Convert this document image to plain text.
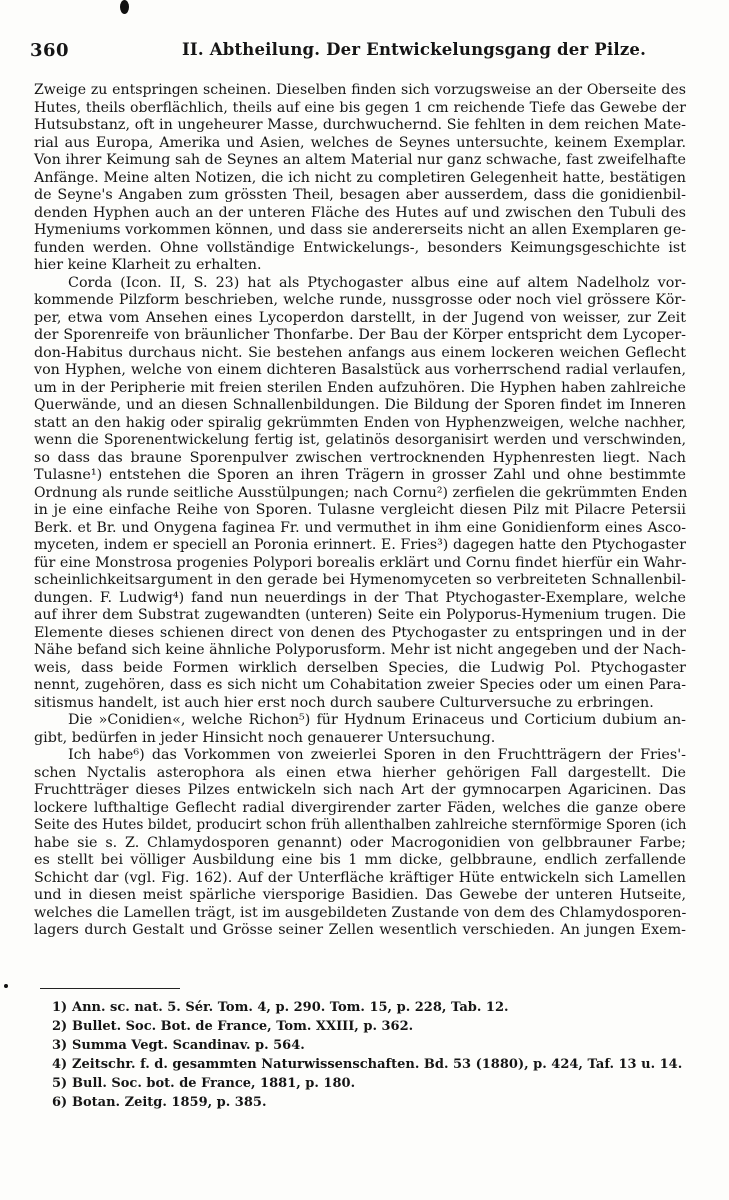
360	II. Abtheilung. Der Entwickelungsgang der Pilze.
Zweige zu entspringen scheinen. Dieselben finden sich vorzugsweise an der Oberseite des
Hutes, theils oberflächlich, theils auf eine bis gegen 1 cm reichende Tiefe das Gewebe der
Hutsubstanz, oft in ungeheurer Masse, durchwuchernd. Sie fehlten in dem reichen Mate-
rial aus Europa, Amerika und Asien, welches de Seynes untersuchte, keinem Exemplar.
Von ihrer Keimung sah de Seynes an altem Material nur ganz schwache, fast zweifelhafte
Anfänge. Meine alten Notizen, die ich nicht zu completiren Gelegenheit hatte, bestätigen
de Seyne's Angaben zum grössten Theil, besagen aber ausserdem, dass die gonidienbil-
denden Hyphen auch an der unteren Fläche des Hutes auf und zwischen den Tubuli des
Hymeniums vorkommen können, und dass sie andererseits nicht an allen Exemplaren ge-
funden werden. Ohne vollständige Entwickelungs-, besonders Keimungsgeschichte ist
hier keine Klarheit zu erhalten.
Corda (Icon. II, S. 23) hat als Ptychogaster albus eine auf altem Nadelholz vor-
kommende Pilzform beschrieben, welche runde, nussgrosse oder noch viel grössere Kör-
per, etwa vom Ansehen eines Lycoperdon darstellt, in der Jugend von weisser, zur Zeit
der Sporenreife von bräunlicher Thonfarbe. Der Bau der Körper entspricht dem Lycoper-
don-Habitus durchaus nicht. Sie bestehen anfangs aus einem lockeren weichen Geflecht
von Hyphen, welche von einem dichteren Basalstück aus vorherrschend radial verlaufen,
um in der Peripherie mit freien sterilen Enden aufzuhören. Die Hyphen haben zahlreiche
Querwände, und an diesen Schnallenbildungen. Die Bildung der Sporen findet im Inneren
statt an den hakig oder spiralig gekrümmten Enden von Hyphenzweigen, welche nachher,
wenn die Sporenentwickelung fertig ist, gelatinös desorganisirt werden und verschwinden,
so dass das braune Sporenpulver zwischen vertrocknenden Hyphenresten liegt. Nach
Tulasne¹) entstehen die Sporen an ihren Trägern in grosser Zahl und ohne bestimmte
Ordnung als runde seitliche Ausstülpungen; nach Cornu²) zerfielen die gekrümmten Enden
in je eine einfache Reihe von Sporen. Tulasne vergleicht diesen Pilz mit Pilacre Petersii
Berk. et Br. und Onygena faginea Fr. und vermuthet in ihm eine Gonidienform eines Asco-
myceten, indem er speciell an Poronia erinnert. E. Fries³) dagegen hatte den Ptychogaster
für eine Monstrosa progenies Polypori borealis erklärt und Cornu findet hierfür ein Wahr-
scheinlichkeitsargument in den gerade bei Hymenomyceten so verbreiteten Schnallenbil-
dungen. F. Ludwig⁴) fand nun neuerdings in der That Ptychogaster-Exemplare, welche
auf ihrer dem Substrat zugewandten (unteren) Seite ein Polyporus-Hymenium trugen. Die
Elemente dieses schienen direct von denen des Ptychogaster zu entspringen und in der
Nähe befand sich keine ähnliche Polyporusform. Mehr ist nicht angegeben und der Nach-
weis, dass beide Formen wirklich derselben Species, die Ludwig Pol. Ptychogaster
nennt, zugehören, dass es sich nicht um Cohabitation zweier Species oder um einen Para-
sitismus handelt, ist auch hier erst noch durch saubere Culturversuche zu erbringen.
Die »Conidien«, welche Richon⁵) für Hydnum Erinaceus und Corticium dubium an-
gibt, bedürfen in jeder Hinsicht noch genauerer Untersuchung.
Ich habe⁶) das Vorkommen von zweierlei Sporen in den Fruchtträgern der Fries'-
schen Nyctalis asterophora als einen etwa hierher gehörigen Fall dargestellt. Die
Fruchtträger dieses Pilzes entwickeln sich nach Art der gymnocarpen Agaricinen. Das
lockere lufthaltige Geflecht radial divergirender zarter Fäden, welches die ganze obere
Seite des Hutes bildet, producirt schon früh allenthalben zahlreiche sternförmige Sporen (ich
habe sie s. Z. Chlamydosporen genannt) oder Macrogonidien von gelbbrauner Farbe;
es stellt bei völliger Ausbildung eine bis 1 mm dicke, gelbbraune, endlich zerfallende
Schicht dar (vgl. Fig. 162). Auf der Unterfläche kräftiger Hüte entwickeln sich Lamellen
und in diesen meist spärliche viersporige Basidien. Das Gewebe der unteren Hutseite,
welches die Lamellen trägt, ist im ausgebildeten Zustande von dem des Chlamydosporen-
lagers durch Gestalt und Grösse seiner Zellen wesentlich verschieden. An jungen Exem-
1) Ann. sc. nat. 5. Sér. Tom. 4, p. 290. Tom. 15, p. 228, Tab. 12.
2) Bullet. Soc. Bot. de France, Tom. XXIII, p. 362.
3) Summa Vegt. Scandinav. p. 564.
4) Zeitschr. f. d. gesammten Naturwissenschaften. Bd. 53 (1880), p. 424, Taf. 13 u. 14.
5) Bull. Soc. bot. de France, 1881, p. 180.
6) Botan. Zeitg. 1859, p. 385.
